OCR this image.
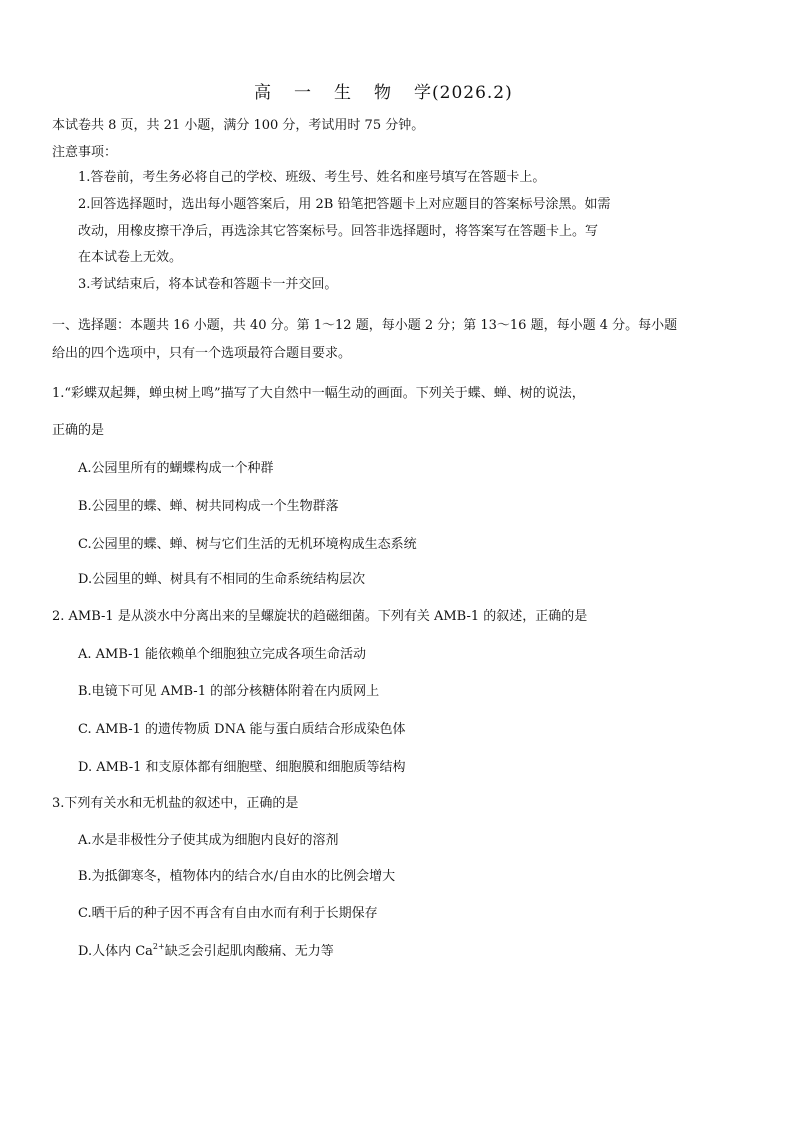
高 一 生 物 学(2026.2)
本试卷共 8 页，共 21 小题，满分 100 分，考试用时 75 分钟。
注意事项：
1.答卷前，考生务必将自己的学校、班级、考生号、姓名和座号填写在答题卡上。
2.回答选择题时，选出每小题答案后，用 2B 铅笔把答题卡上对应题目的答案标号涂黑。如需
改动，用橡皮擦干净后，再选涂其它答案标号。回答非选择题时，将答案写在答题卡上。写
在本试卷上无效。
3.考试结束后，将本试卷和答题卡一并交回。
一、选择题：本题共 16 小题，共 40 分。第 1～12 题，每小题 2 分；第 13～16 题，每小题 4 分。每小题
给出的四个选项中，只有一个选项最符合题目要求。
1.“彩蝶双起舞，蝉虫树上鸣”描写了大自然中一幅生动的画面。下列关于蝶、蝉、树的说法，
正确的是
A.公园里所有的蝴蝶构成一个种群
B.公园里的蝶、蝉、树共同构成一个生物群落
C.公园里的蝶、蝉、树与它们生活的无机环境构成生态系统
D.公园里的蝉、树具有不相同的生命系统结构层次
2. AMB-1 是从淡水中分离出来的呈螺旋状的趋磁细菌。下列有关 AMB-1 的叙述，正确的是
A. AMB-1 能依赖单个细胞独立完成各项生命活动
B.电镜下可见 AMB-1 的部分核糖体附着在内质网上
C. AMB-1 的遗传物质 DNA 能与蛋白质结合形成染色体
D. AMB-1 和支原体都有细胞壁、细胞膜和细胞质等结构
3.下列有关水和无机盐的叙述中，正确的是
A.水是非极性分子使其成为细胞内良好的溶剂
B.为抵御寒冬，植物体内的结合水/自由水的比例会增大
C.晒干后的种子因不再含有自由水而有利于长期保存
D.人体内 $Ca^{2+}$缺乏会引起肌肉酸痛、无力等
